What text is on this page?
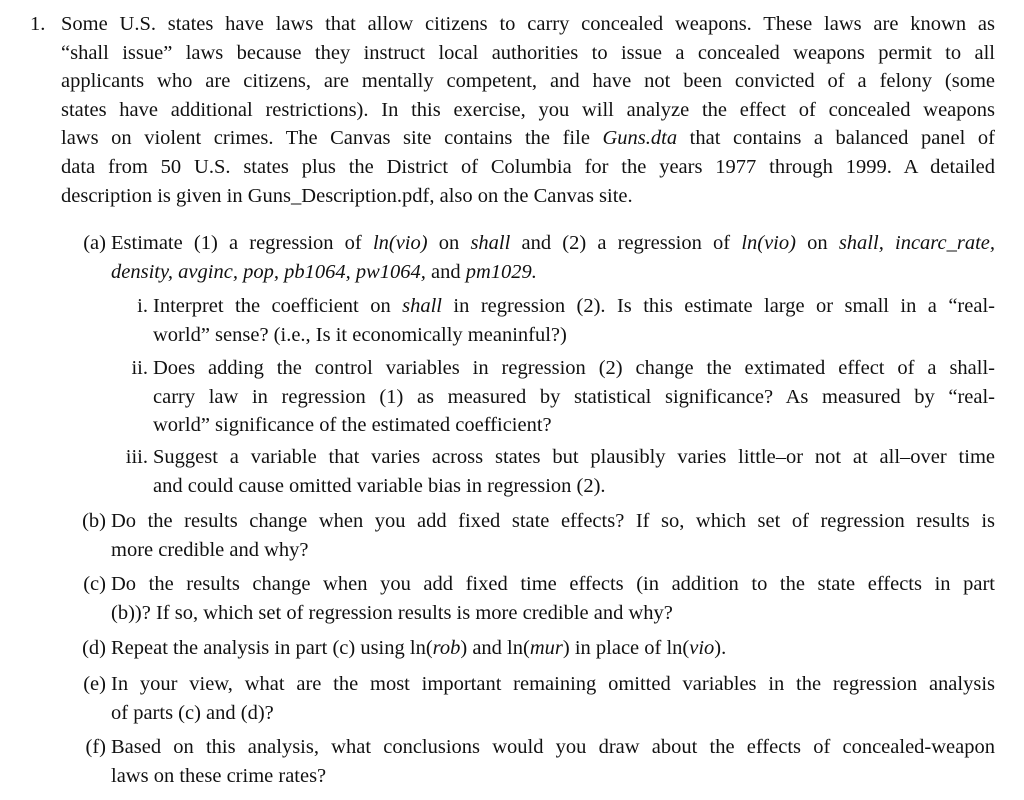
1. Some U.S. states have laws that allow citizens to carry concealed weapons. These laws are known as
“shall issue” laws because they instruct local authorities to issue a concealed weapons permit to all
applicants who are citizens, are mentally competent, and have not been convicted of a felony (some
states have additional restrictions). In this exercise, you will analyze the effect of concealed weapons
laws on violent crimes. The Canvas site contains the file Guns.dta that contains a balanced panel of
data from 50 U.S. states plus the District of Columbia for the years 1977 through 1999. A detailed
description is given in Guns_Description.pdf, also on the Canvas site.
(a) Estimate (1) a regression of ln(vio) on shall and (2) a regression of ln(vio) on shall, incarc_rate,
density, avginc, pop, pb1064, pw1064, and pm1029.
i. Interpret the coefficient on shall in regression (2). Is this estimate large or small in a “real-
world” sense? (i.e., Is it economically meaninful?)
ii. Does adding the control variables in regression (2) change the extimated effect of a shall-
carry law in regression (1) as measured by statistical significance? As measured by “real-
world” significance of the estimated coefficient?
iii. Suggest a variable that varies across states but plausibly varies little–or not at all–over time
and could cause omitted variable bias in regression (2).
(b) Do the results change when you add fixed state effects? If so, which set of regression results is
more credible and why?
(c) Do the results change when you add fixed time effects (in addition to the state effects in part
(b))? If so, which set of regression results is more credible and why?
(d) Repeat the analysis in part (c) using ln(rob) and ln(mur) in place of ln(vio).
(e) In your view, what are the most important remaining omitted variables in the regression analysis
of parts (c) and (d)?
(f) Based on this analysis, what conclusions would you draw about the effects of concealed-weapon
laws on these crime rates?
